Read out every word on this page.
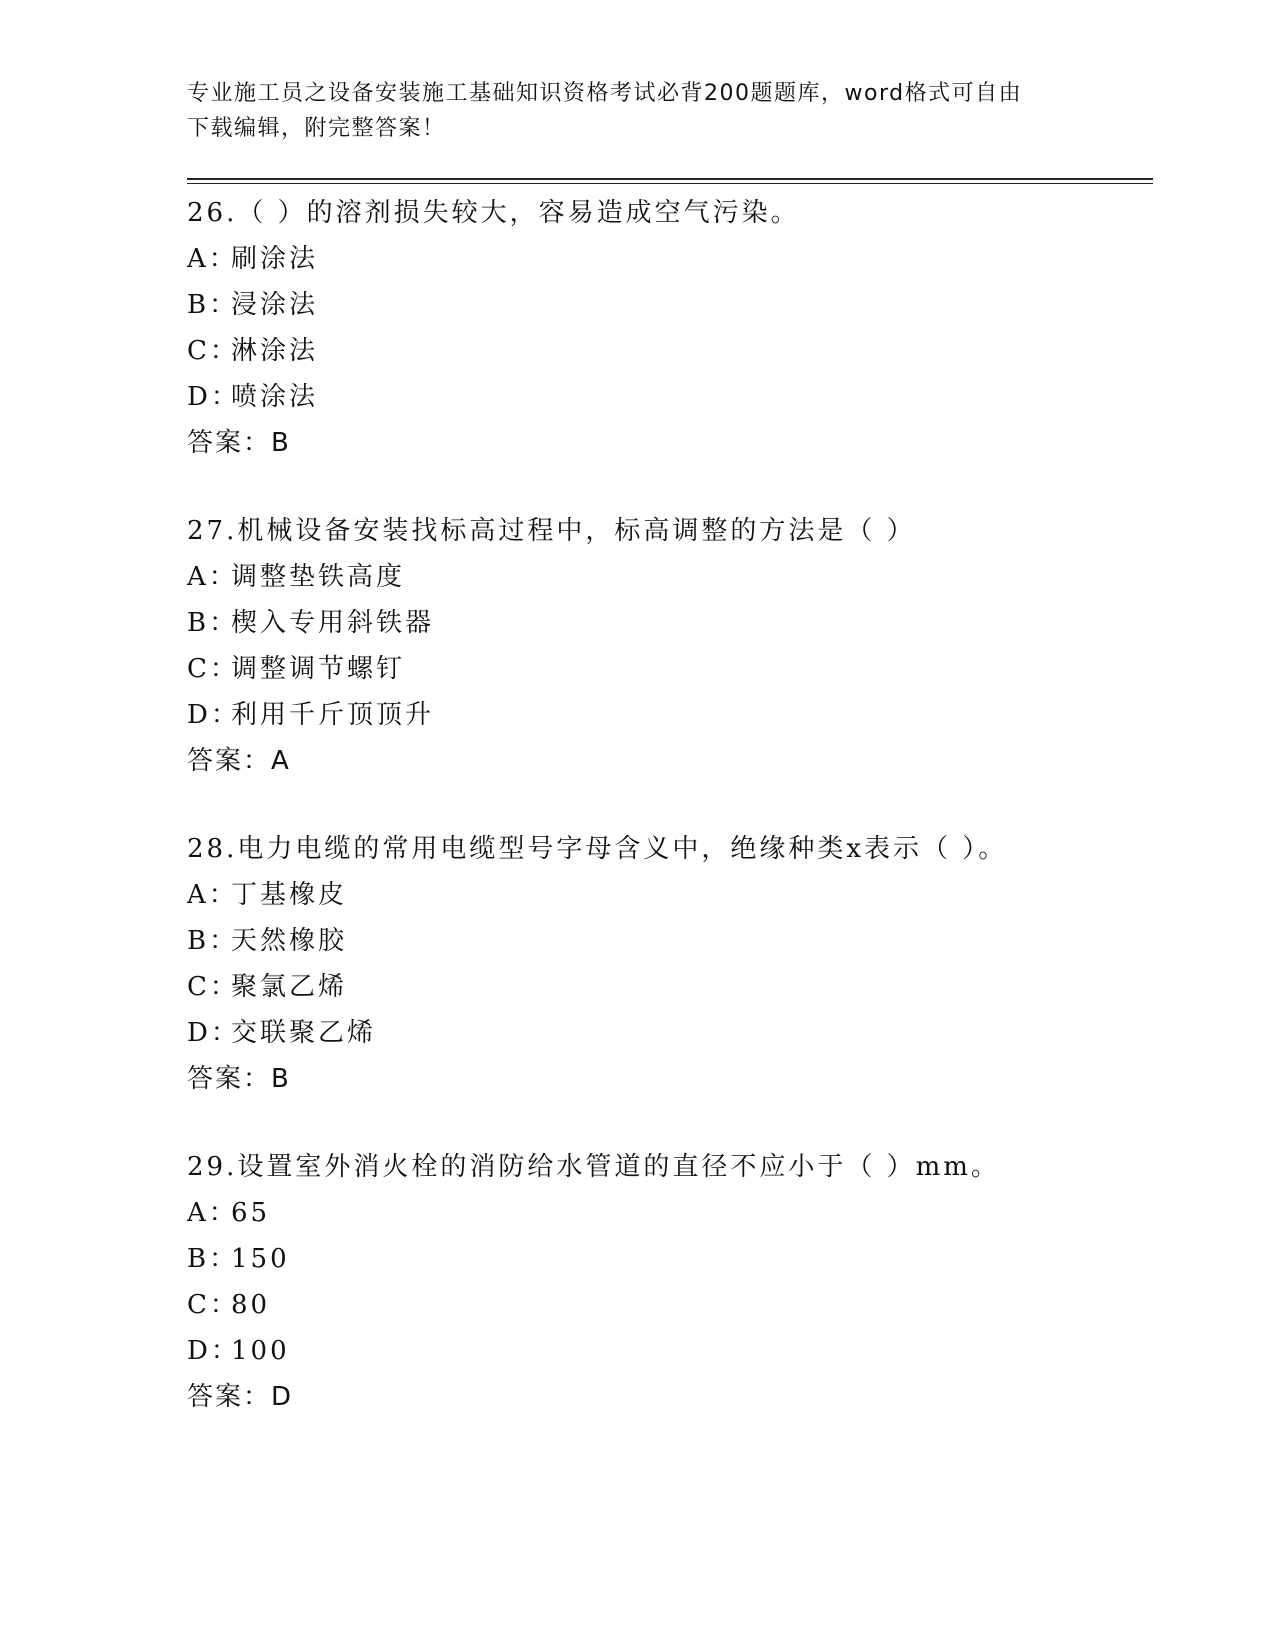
专业施工员之设备安装施工基础知识资格考试必背200题题库，word格式可自由
下载编辑，附完整答案！
26.（ ）的溶剂损失较大，容易造成空气污染。
A：
刷涂法
B：
浸涂法
C：
淋涂法
D：
喷涂法
答案：B
27.机械设备安装找标高过程中，标高调整的方法是（ ）
A：
调整垫铁高度
B：
楔入专用斜铁器
C：
调整调节螺钉
D：
利用千斤顶顶升
答案：A
28.电力电缆的常用电缆型号字母含义中，绝缘种类x表示（ ）。
A：
丁基橡皮
B：
天然橡胶
C：
聚氯乙烯
D：
交联聚乙烯
答案：B
29.设置室外消火栓的消防给水管道的直径不应小于（ ）mm。
A：
65
B：
150
C：
80
D：
100
答案：D
